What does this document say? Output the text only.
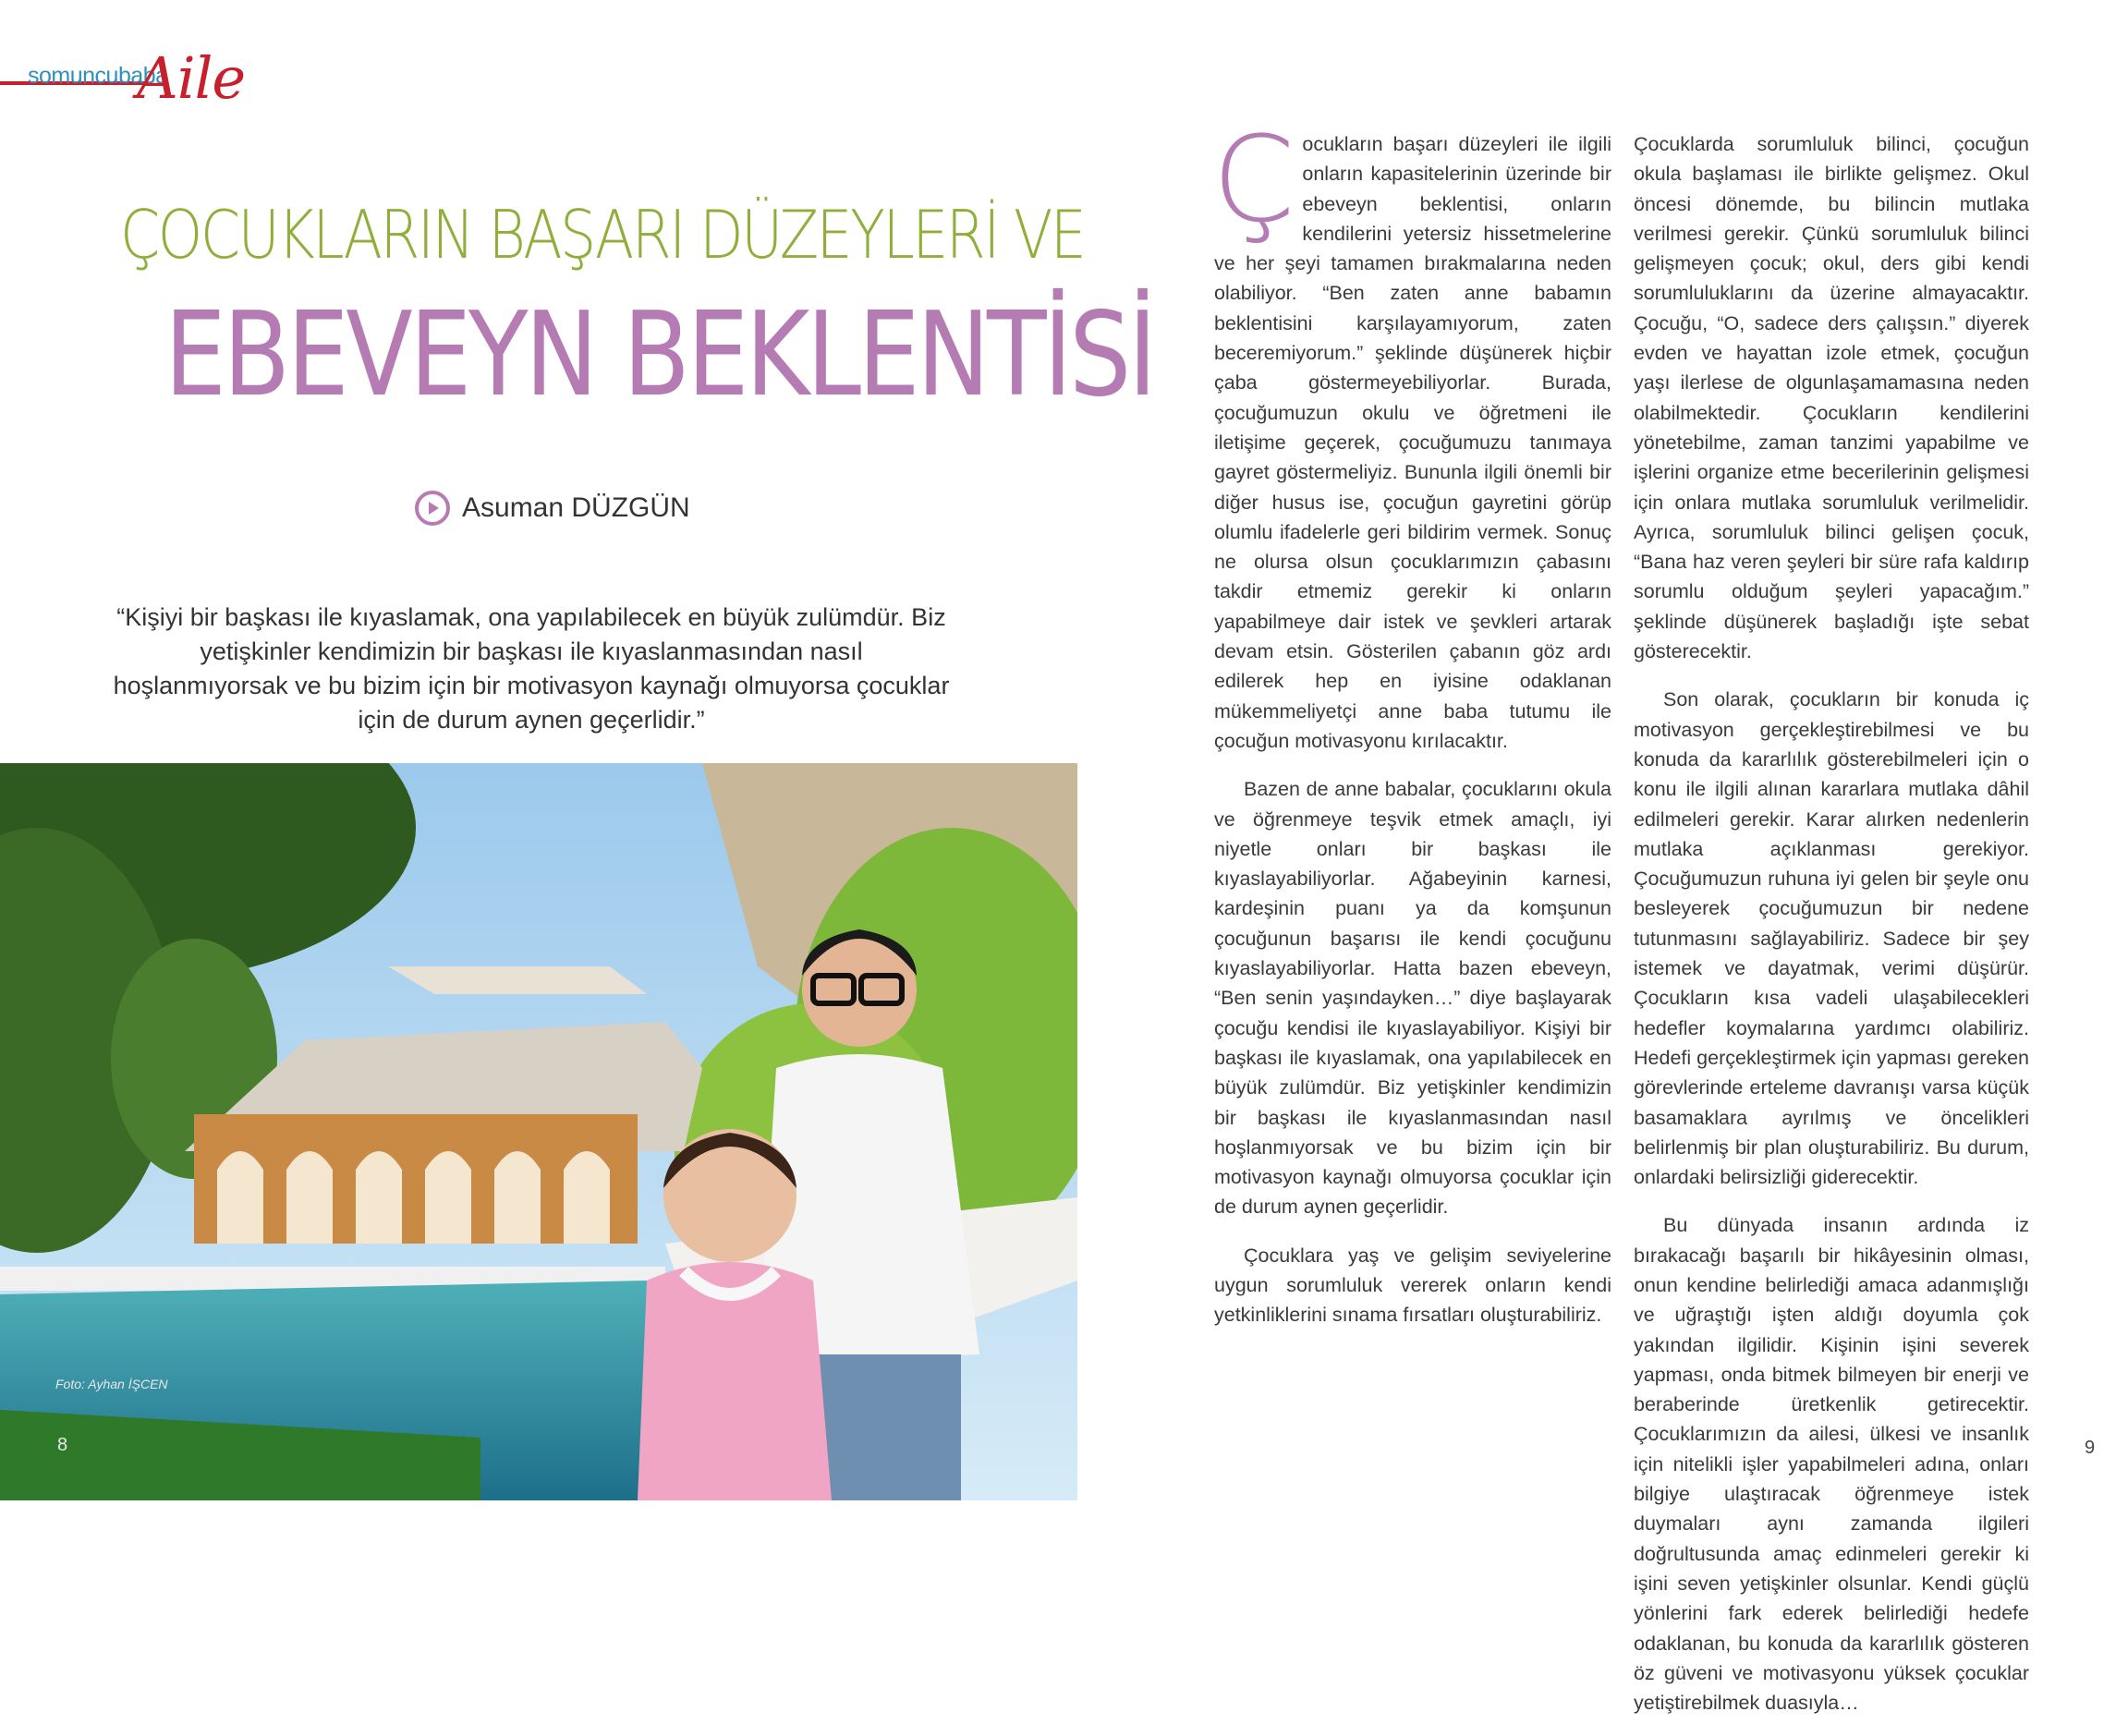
somuncubaba
Aile
ÇOCUKLARIN BAŞARI DÜZEYLERİ VE
EBEVEYN BEKLENTİSİ
Asuman DÜZGÜN
“Kişiyi bir başkası ile kıyaslamak, ona yapılabilecek en büyük zulümdür. Biz yetişkinler kendimizin bir başkası ile kıyaslanmasından nasıl hoşlanmıyorsak ve bu bizim için bir motivasyon kaynağı olmuyorsa çocuklar için de durum aynen geçerlidir.”
Foto: Ayhan İŞCEN
8

Çocukların başarı düzeyleri ile ilgili onların kapasitelerinin üzerinde bir ebeveyn beklentisi, onların kendilerini yetersiz hissetmelerine ve her şeyi tamamen bırakmalarına neden olabiliyor. “Ben zaten anne babamın beklentisini karşılayamıyorum, zaten beceremiyorum.” şeklinde düşünerek hiçbir çaba göstermeyebiliyorlar. Burada, çocuğumuzun okulu ve öğretmeni ile iletişime geçerek, çocuğumuzu tanımaya gayret göstermeliyiz. Bununla ilgili önemli bir diğer husus ise, çocuğun gayretini görüp olumlu ifadelerle geri bildirim vermek. Sonuç ne olursa olsun çocuklarımızın çabasını takdir etmemiz gerekir ki onların yapabilmeye dair istek ve şevkleri artarak devam etsin. Gösterilen çabanın göz ardı edilerek hep en iyisine odaklanan mükemmeliyetçi anne baba tutumu ile çocuğun motivasyonu kırılacaktır.

Bazen de anne babalar, çocuklarını okula ve öğrenmeye teşvik etmek amaçlı, iyi niyetle onları bir başkası ile kıyaslayabiliyorlar. Ağabeyinin karnesi, kardeşinin puanı ya da komşunun çocuğunun başarısı ile kendi çocuğunu kıyaslayabiliyorlar. Hatta bazen ebeveyn, “Ben senin yaşındayken…” diye başlayarak çocuğu kendisi ile kıyaslayabiliyor. Kişiyi bir başkası ile kıyaslamak, ona yapılabilecek en büyük zulümdür. Biz yetişkinler kendimizin bir başkası ile kıyaslanmasından nasıl hoşlanmıyorsak ve bu bizim için bir motivasyon kaynağı olmuyorsa çocuklar için de durum aynen geçerlidir.

Çocuklara yaş ve gelişim seviyelerine uygun sorumluluk vererek onların kendi yetkinliklerini sınama fırsatları oluşturabiliriz.

Çocuklarda sorumluluk bilinci, çocuğun okula başlaması ile birlikte gelişmez. Okul öncesi dönemde, bu bilincin mutlaka verilmesi gerekir. Çünkü sorumluluk bilinci gelişmeyen çocuk; okul, ders gibi kendi sorumluluklarını da üzerine almayacaktır. Çocuğu, “O, sadece ders çalışsın.” diyerek evden ve hayattan izole etmek, çocuğun yaşı ilerlese de olgunlaşamamasına neden olabilmektedir. Çocukların kendilerini yönetebilme, zaman tanzimi yapabilme ve işlerini organize etme becerilerinin gelişmesi için onlara mutlaka sorumluluk verilmelidir. Ayrıca, sorumluluk bilinci gelişen çocuk, “Bana haz veren şeyleri bir süre rafa kaldırıp sorumlu olduğum şeyleri yapacağım.” şeklinde düşünerek başladığı işte sebat gösterecektir.

Son olarak, çocukların bir konuda iç motivasyon gerçekleştirebilmesi ve bu konuda da kararlılık gösterebilmeleri için o konu ile ilgili alınan kararlara mutlaka dâhil edilmeleri gerekir. Karar alırken nedenlerin mutlaka açıklanması gerekiyor. Çocuğumuzun ruhuna iyi gelen bir şeyle onu besleyerek çocuğumuzun bir nedene tutunmasını sağlayabiliriz. Sadece bir şey istemek ve dayatmak, verimi düşürür. Çocukların kısa vadeli ulaşabilecekleri hedefler koymalarına yardımcı olabiliriz. Hedefi gerçekleştirmek için yapması gereken görevlerinde erteleme davranışı varsa küçük basamaklara ayrılmış ve öncelikleri belirlenmiş bir plan oluşturabiliriz. Bu durum, onlardaki belirsizliği giderecektir.

Bu dünyada insanın ardında iz bırakacağı başarılı bir hikâyesinin olması, onun kendine belirlediği amaca adanmışlığı ve uğraştığı işten aldığı doyumla çok yakından ilgilidir. Kişinin işini severek yapması, onda bitmek bilmeyen bir enerji ve beraberinde üretkenlik getirecektir. Çocuklarımızın da ailesi, ülkesi ve insanlık için nitelikli işler yapabilmeleri adına, onları bilgiye ulaştıracak öğrenmeye istek duymaları aynı zamanda ilgileri doğrultusunda amaç edinmeleri gerekir ki işini seven yetişkinler olsunlar. Kendi güçlü yönlerini fark ederek belirlediği hedefe odaklanan, bu konuda da kararlılık gösteren öz güveni ve motivasyonu yüksek çocuklar yetiştirebilmek duasıyla…

9
